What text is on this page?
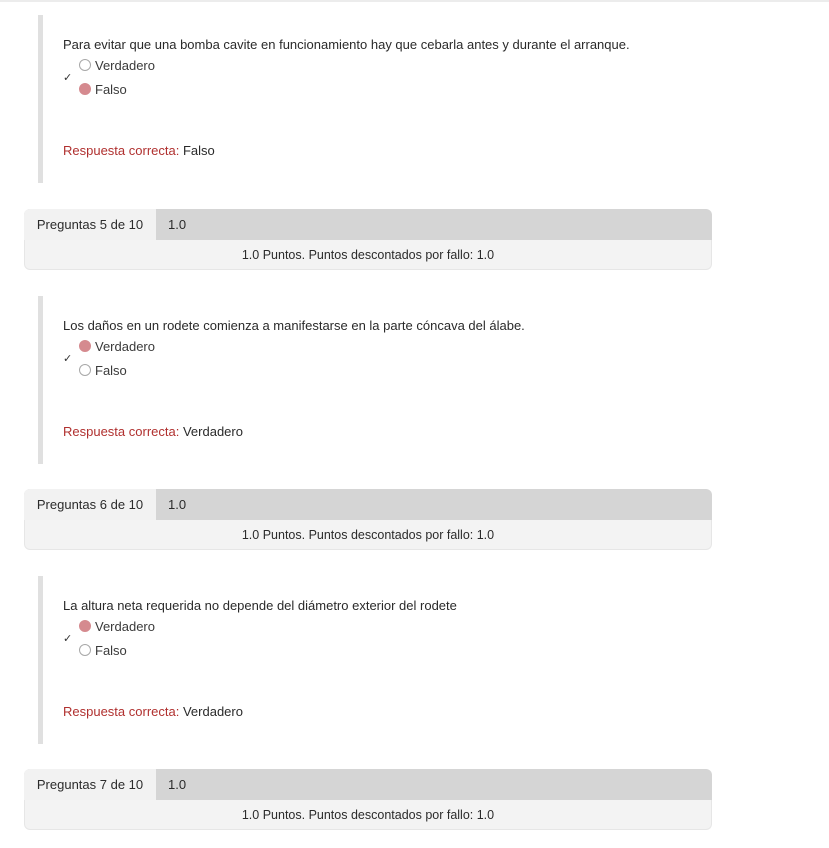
Para evitar que una bomba cavite en funcionamiento hay que cebarla antes y durante el arranque.
✓
Verdadero
Falso
Respuesta correcta: Falso
Preguntas 5 de 10	1.0
1.0 Puntos. Puntos descontados por fallo: 1.0
Los daños en un rodete comienza a manifestarse en la parte cóncava del álabe.
✓
Verdadero
Falso
Respuesta correcta: Verdadero
Preguntas 6 de 10	1.0
1.0 Puntos. Puntos descontados por fallo: 1.0
La altura neta requerida no depende del diámetro exterior del rodete
✓
Verdadero
Falso
Respuesta correcta: Verdadero
Preguntas 7 de 10	1.0
1.0 Puntos. Puntos descontados por fallo: 1.0
